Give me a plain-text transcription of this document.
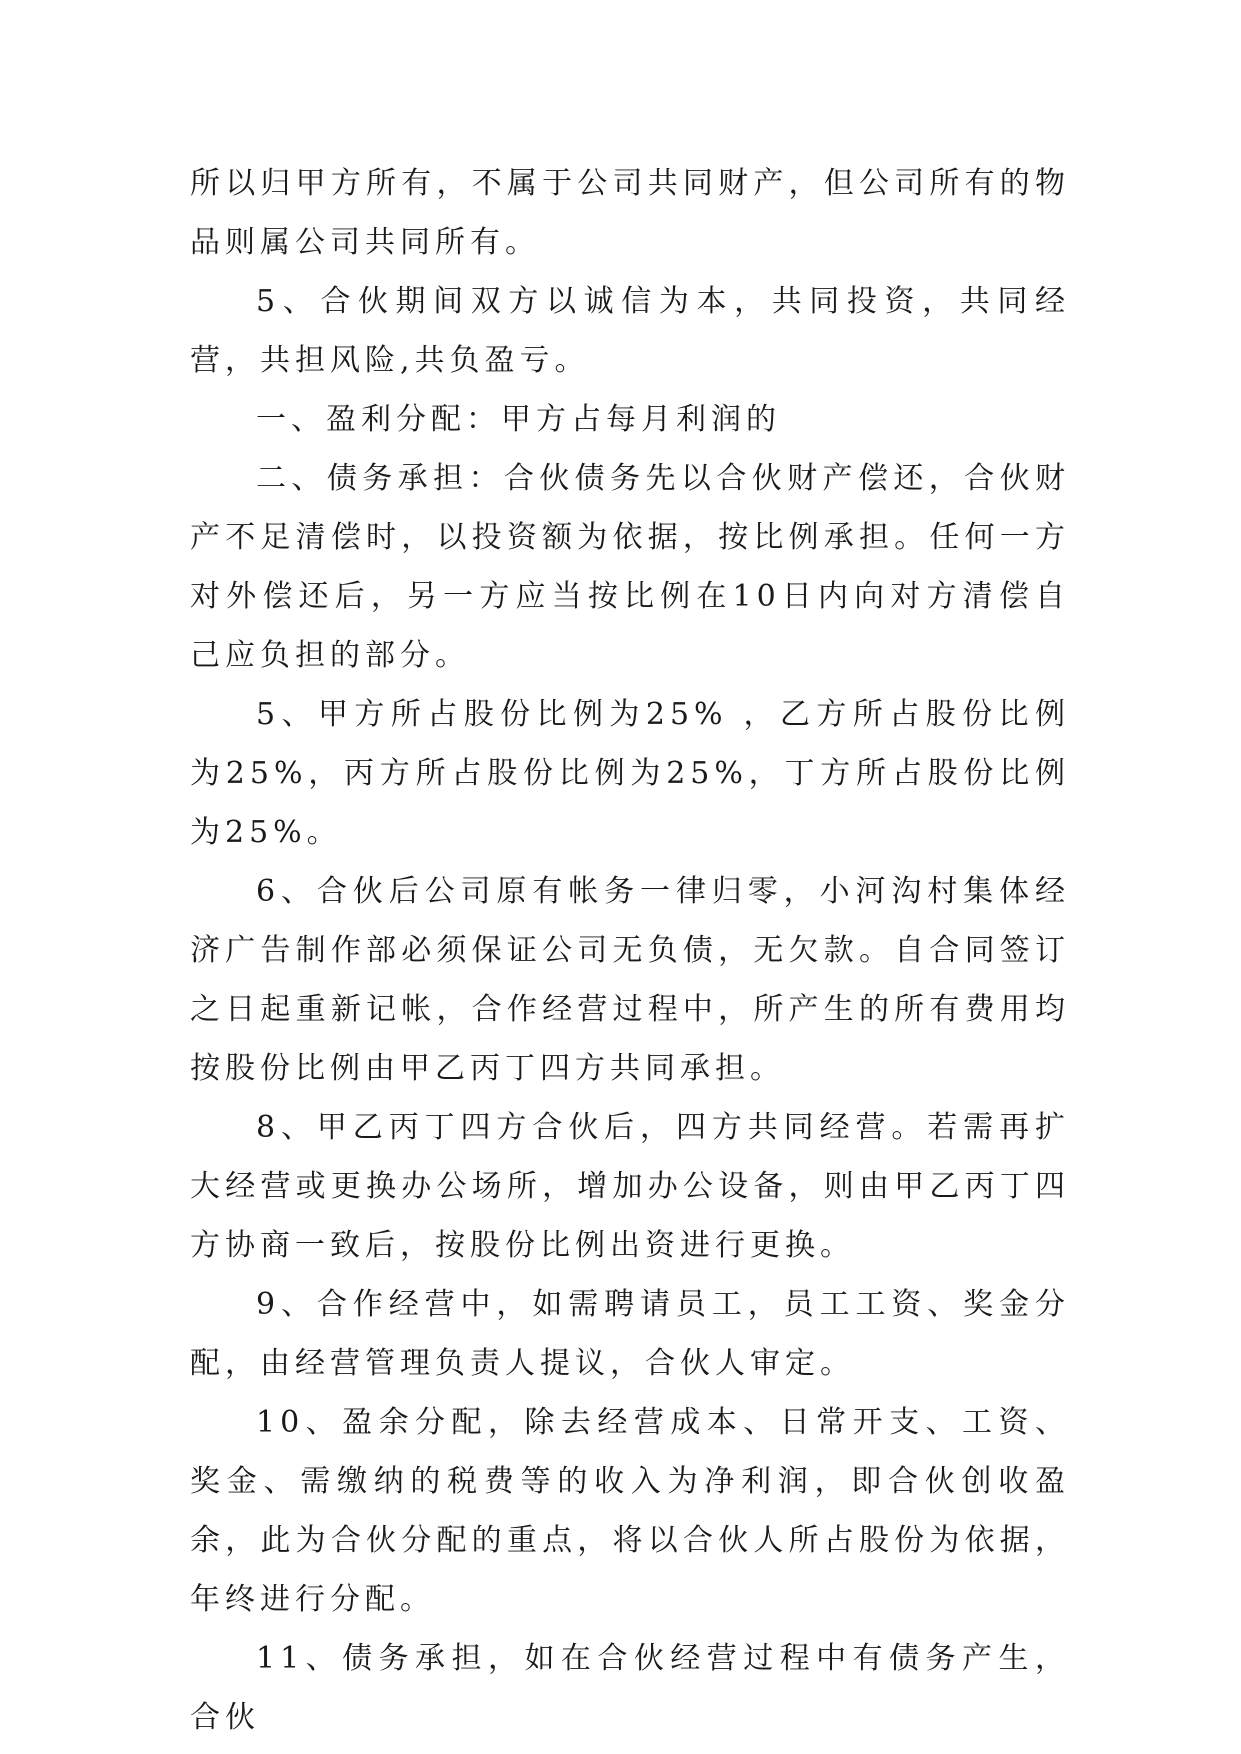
所以归甲方所有，不属于公司共同财产，但公司所有的物品则属公司共同所有。

5、合伙期间双方以诚信为本，共同投资，共同经营，共担风险,共负盈亏。

一、盈利分配：甲方占每月利润的

二、债务承担：合伙债务先以合伙财产偿还，合伙财产不足清偿时，以投资额为依据，按比例承担。任何一方对外偿还后，另一方应当按比例在10日内向对方清偿自己应负担的部分。

5、甲方所占股份比例为25% ，乙方所占股份比例为25%，丙方所占股份比例为25%，丁方所占股份比例为25%。

6、合伙后公司原有帐务一律归零，小河沟村集体经济广告制作部必须保证公司无负债，无欠款。自合同签订之日起重新记帐，合作经营过程中，所产生的所有费用均按股份比例由甲乙丙丁四方共同承担。

8、甲乙丙丁四方合伙后，四方共同经营。若需再扩大经营或更换办公场所，增加办公设备，则由甲乙丙丁四方协商一致后，按股份比例出资进行更换。

9、合作经营中，如需聘请员工，员工工资、奖金分配，由经营管理负责人提议，合伙人审定。

10、盈余分配，除去经营成本、日常开支、工资、奖金、需缴纳的税费等的收入为净利润，即合伙创收盈余，此为合伙分配的重点，将以合伙人所占股份为依据，年终进行分配。

11、债务承担，如在合伙经营过程中有债务产生，合伙
